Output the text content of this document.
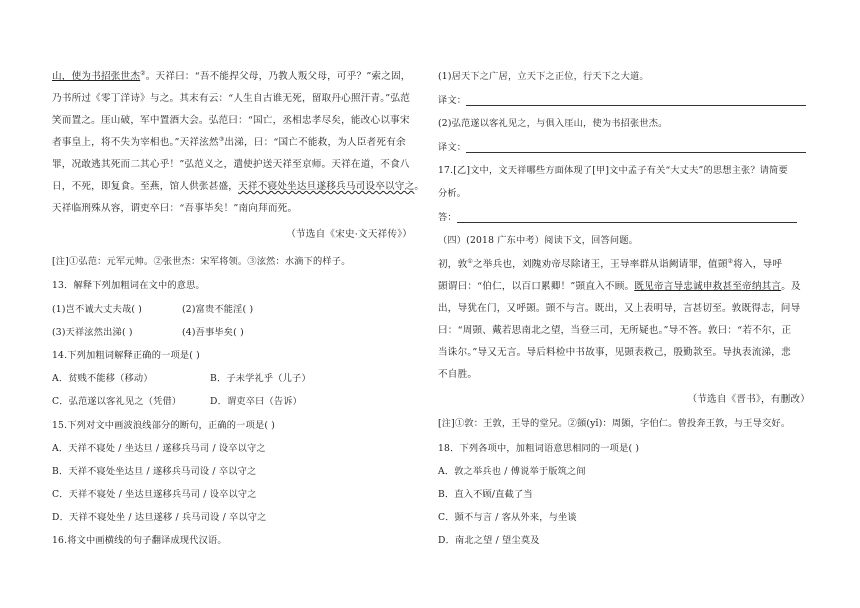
山，使为书招张世杰②。天祥曰：“吾不能捍父母，乃教人叛父母，可乎？”索之固，
乃书所过《零丁洋诗》与之。其末有云：“人生自古谁无死，留取丹心照汗青。”弘范
笑而置之。厓山破，军中置酒大会。弘范曰：“国亡，丞相忠孝尽矣，能改心以事宋
者事皇上，将不失为宰相也。”天祥泫然③出涕，曰：“国亡不能救，为人臣者死有余
罪，况敢逃其死而二其心乎！”弘范义之，遣使护送天祥至京师。天祥在道，不食八
日，不死，即复食。至燕，馆人供张甚盛，天祥不寝处坐达旦遂移兵马司设卒以守之。
天祥临刑殊从容，谓吏卒曰：“吾事毕矣！”南向拜而死。
（节选自《宋史·文天祥传》）
[注]①弘范：元军元帅。②张世杰：宋军将领。③泫然：水滴下的样子。
13．解释下列加粗词在文中的意思。
(1)岂不诚大丈夫哉( )	(2)富贵不能淫( )
(3)天祥泫然出涕( )	(4)吾事毕矣( )
14.下列加粗词解释正确的一项是( )
A．贫贱不能移（移动）	B．子未学礼乎（儿子）
C．弘范遂以客礼见之（凭借）	D．谓吏卒曰（告诉）
15.下列对文中画波浪线部分的断句，正确的一项是( )
A．天祥不寝处 / 坐达旦 / 遂移兵马司 / 设卒以守之
B．天祥不寝处坐达旦 / 遂移兵马司设 / 卒以守之
C．天祥不寝处 / 坐达旦遂移兵马司 / 设卒以守之
D．天祥不寝处坐 / 达旦遂移 / 兵马司设 / 卒以守之
16.将文中画横线的句子翻译成现代汉语。
(1)居天下之广居，立天下之正位，行天下之大道。
译文：
(2)弘范遂以客礼见之，与俱入厓山，使为书招张世杰。
译文：
17.[乙]文中，文天祥哪些方面体现了[甲]文中孟子有关“大丈夫”的思想主张？请简要
分析。
答：
（四）(2018 广东中考）阅读下文，回答问题。
初，敦①之举兵也，刘隗劝帝尽除诸王，王导率群从诣阙请罪，值顗②将入，导呼
顗谓曰：“伯仁，以百口累卿！”顗直入不顾。既见帝言导忠诚申救甚至帝纳其言。及
出，导犹在门，又呼顗。顗不与言。既出，又上表明导，言甚切至。敦既得志，问导
曰：“周顗、戴若思南北之望，当登三司，无所疑也。”导不答。敦曰：“若不尔，正
当诛尔。”导又无言。导后料检中书故事，见顗表救己，殷勤款至。导执表流涕，悲
不自胜。
（节选自《晋书》，有删改）
[注]①敦：王敦，王导的堂兄。②顗(yǐ)：周顗，字伯仁。曾投奔王敦，与王导交好。
18．下列各项中，加粗词语意思相同的一项是( )
A．敦之举兵也 / 傅说举于版筑之间
B．直入不顾/直截了当
C．顗不与言 / 客从外来，与坐谈
D．南北之望 / 望尘莫及
